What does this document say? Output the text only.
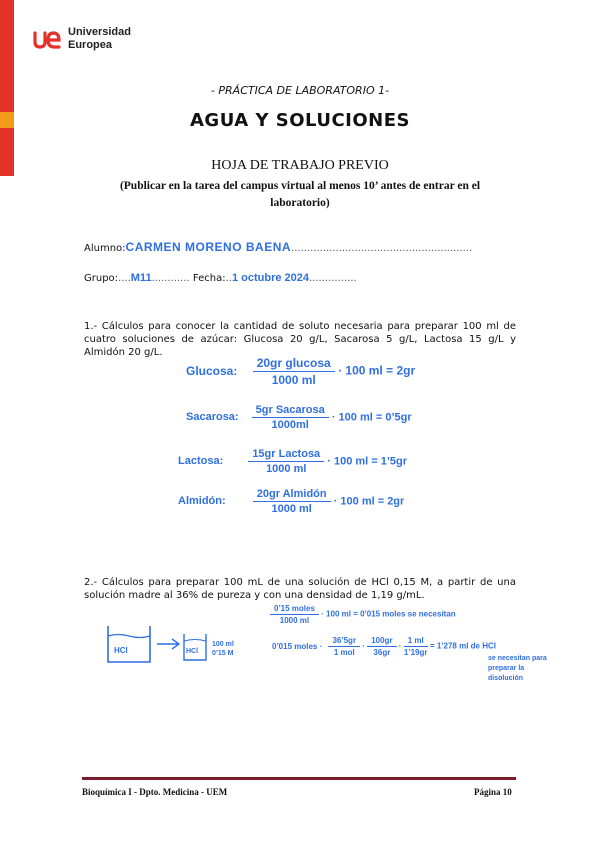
Universidad
Europea
- PRÁCTICA DE LABORATORIO 1-
AGUA Y SOLUCIONES
HOJA DE TRABAJO PREVIO
(Publicar en la tarea del campus virtual al menos 10’ antes de entrar en el laboratorio)
Alumno:CARMEN MORENO BAENA.........................................................
Grupo:....M11............ Fecha:..1 octubre 2024...............
1.- Cálculos para conocer la cantidad de soluto necesaria para preparar 100 ml de cuatro soluciones de azúcar: Glucosa 20 g/L, Sacarosa 5 g/L, Lactosa 15 g/L y Almidón 20 g/L.
Glucosa: $\frac{\text{20gr glucosa}}{1000 ml} \cdot 100$ ml = 2gr
Sacarosa: $\frac{\text{5gr Sacarosa}}{1000ml} \cdot 100$ ml = 0’5gr
Lactosa: $\frac{\text{15gr Lactosa}}{1000 ml} \cdot 100$ ml = 1’5gr
Almidón: $\frac{\text{20gr Almidón}}{1000 ml} \cdot 100$ ml = 2gr
2.- Cálculos para preparar 100 mL de una solución de HCl 0,15 M, a partir de una solución madre al 36% de pureza y con una densidad de 1,19 g/mL.
HCl	HCl
100 ml
0’15 M
$\frac{\text{0’15 moles}}{1000 ml} \cdot 100$ ml = 0’015 moles se necesitan
0’015 moles · $\frac{36’5gr}{\text{1 mol}} \cdot \frac{100gr}{36gr} \cdot \frac{1 ml}{1’19gr}$ = 1’278 ml de HCl
se necesitan para
preparar la
disolución
Bioquímica I - Dpto. Medicina - UEM	Página 10
